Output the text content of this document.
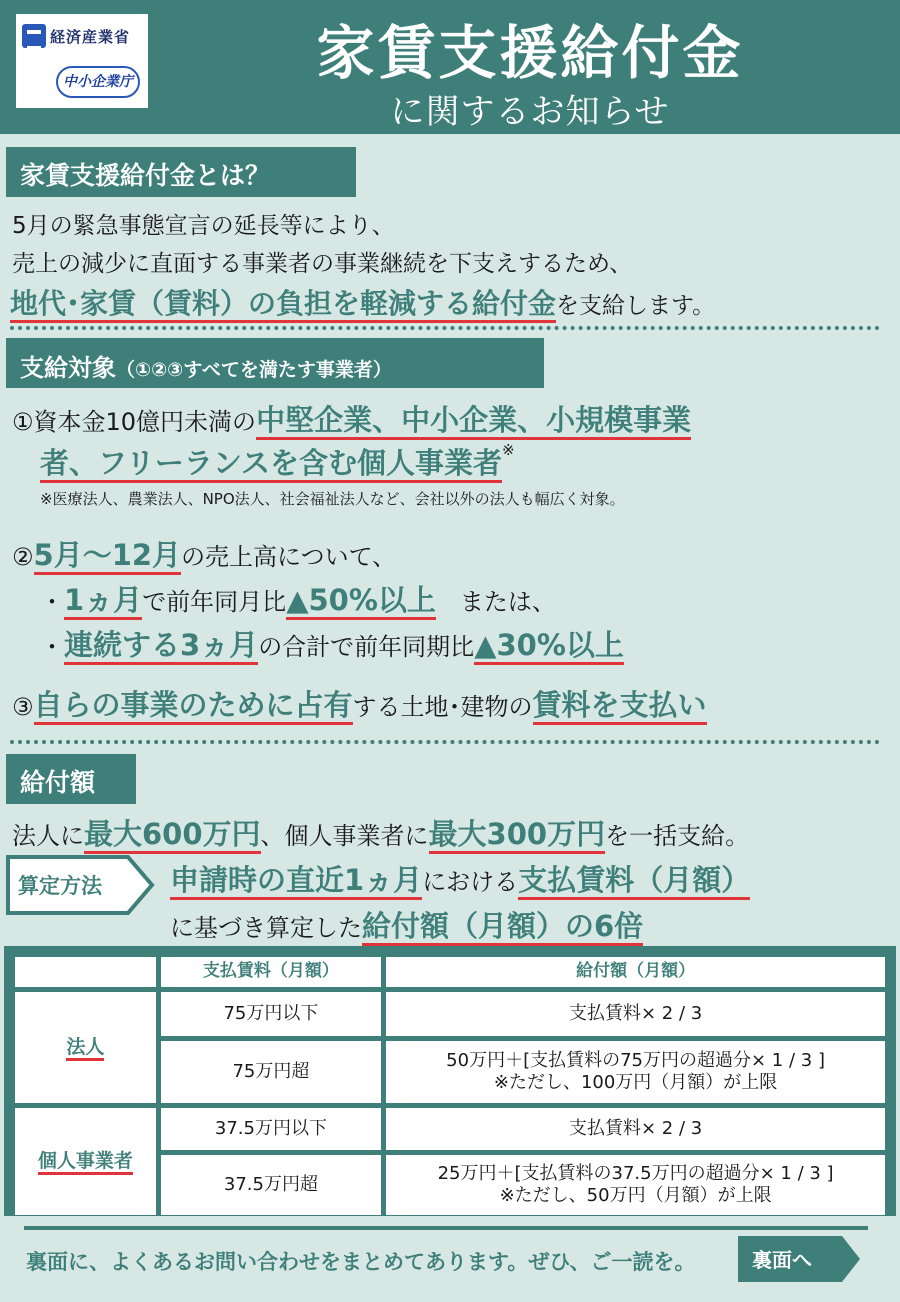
経済産業省
中小企業庁	家賃支援給付金
に関するお知らせ
家賃支援給付金とは？
5月の緊急事態宣言の延長等により、
売上の減少に直面する事業者の事業継続を下支えするため、
地代･家賃（賃料）の負担を軽減する給付金を支給します。
支給対象（①②③すべてを満たす事業者）
①資本金10億円未満の中堅企業、中小企業、小規模事業
者、フリーランスを含む個人事業者※
※医療法人、農業法人、NPO法人、社会福祉法人など、会社以外の法人も幅広く対象。
②5月～12月の売上高について、
・1ヵ月で前年同月比▲50%以上　または、
・連続する3ヵ月の合計で前年同期比▲30%以上
③自らの事業のために占有する土地･建物の賃料を支払い
給付額
法人に最大600万円、個人事業者に最大300万円を一括支給。
算定方法 申請時の直近1ヵ月における支払賃料（月額）
に基づき算定した給付額（月額）の6倍
	支払賃料（月額）	給付額（月額）
法人	75万円以下	支払賃料× 2 / 3
	75万円超	50万円＋[支払賃料の75万円の超過分× 1 / 3 ]
※ただし、100万円（月額）が上限

個人事業者	37.5万円以下	支払賃料× 2 / 3
	37.5万円超	25万円＋[支払賃料の37.5万円の超過分× 1 / 3 ]
※ただし、50万円（月額）が上限
裏面に、よくあるお問い合わせをまとめてあります。ぜひ、ご一読を。	裏面へ
